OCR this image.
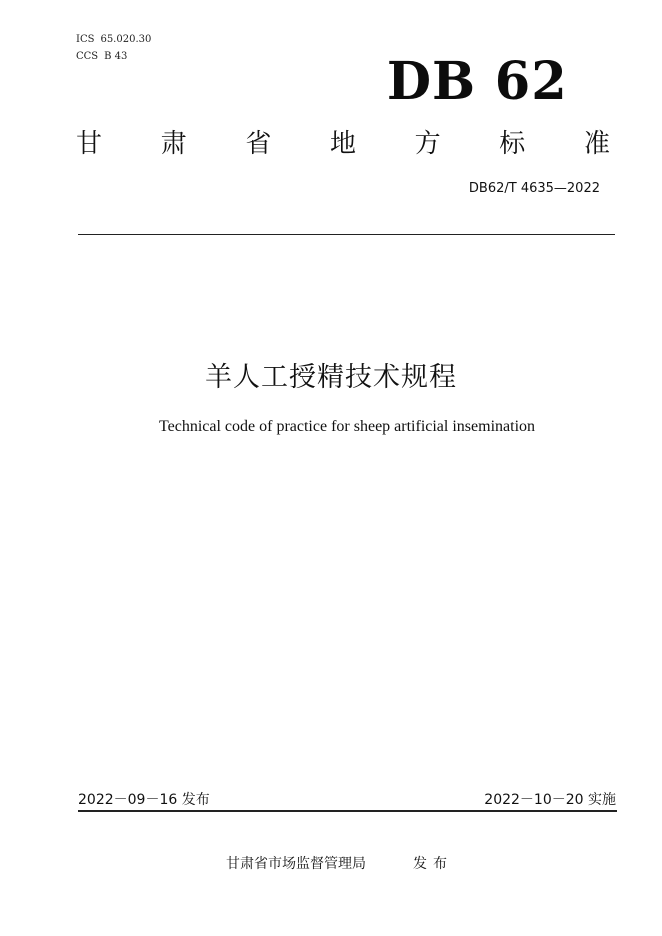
ICS 65.020.30
CCS B 43	DB 62
甘 肃 省 地 方 标 准
DB62/T 4635—2022
羊人工授精技术规程
Technical code of practice for sheep artificial insemination
2022－09－16 发布	2022－10－20 实施
甘肃省市场监督管理局	发布
